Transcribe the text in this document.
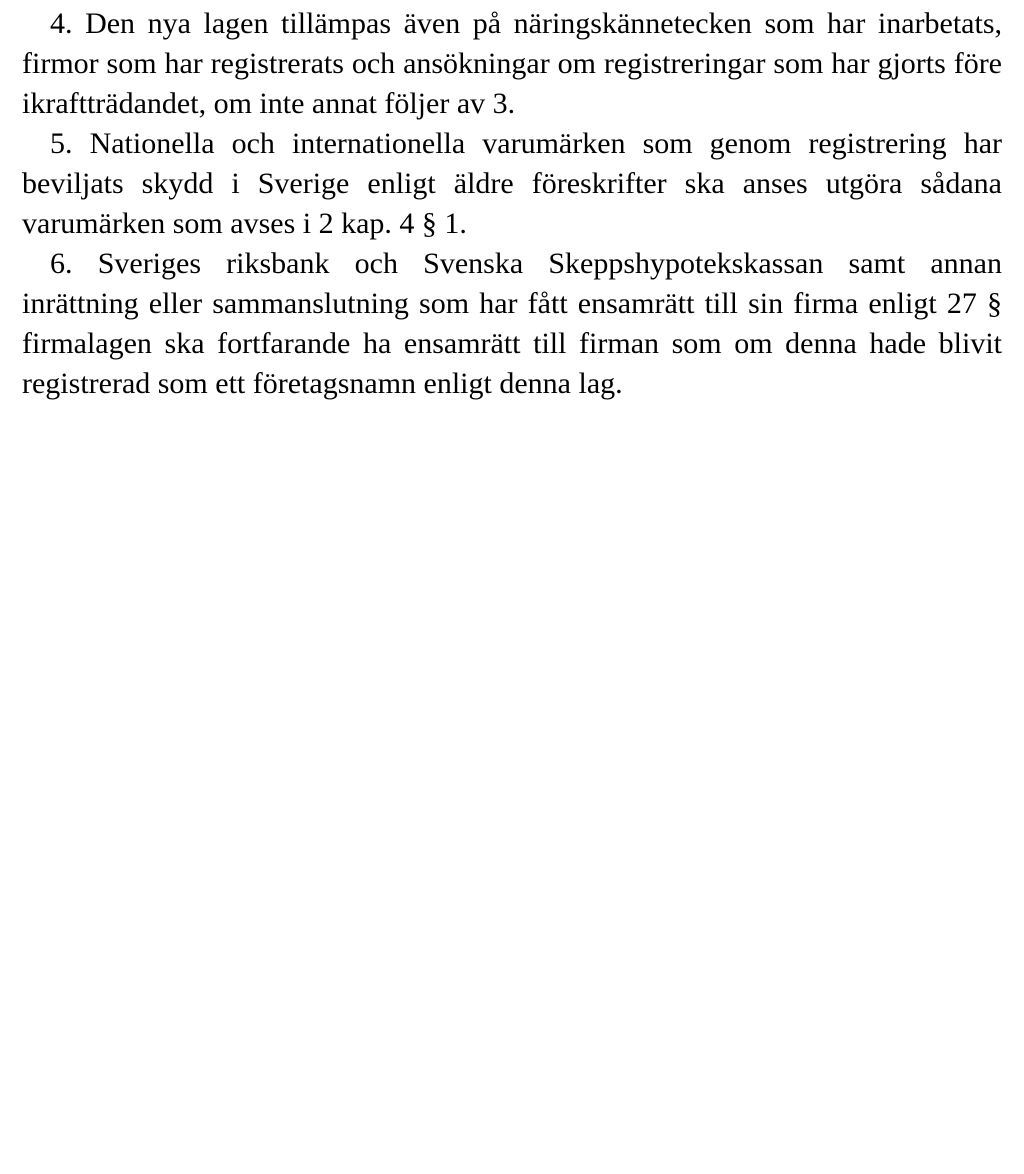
4. Den nya lagen tillämpas även på näringskännetecken som har inarbetats, firmor som har registrerats och ansökningar om registreringar som har gjorts före ikraftträdandet, om inte annat följer av 3.

5. Nationella och internationella varumärken som genom registrering har beviljats skydd i Sverige enligt äldre föreskrifter ska anses utgöra sådana varumärken som avses i 2 kap. 4 § 1.

6. Sveriges riksbank och Svenska Skeppshypotekskassan samt annan inrättning eller sammanslutning som har fått ensamrätt till sin firma enligt 27 § firmalagen ska fortfarande ha ensamrätt till firman som om denna hade blivit registrerad som ett företagsnamn enligt denna lag.
